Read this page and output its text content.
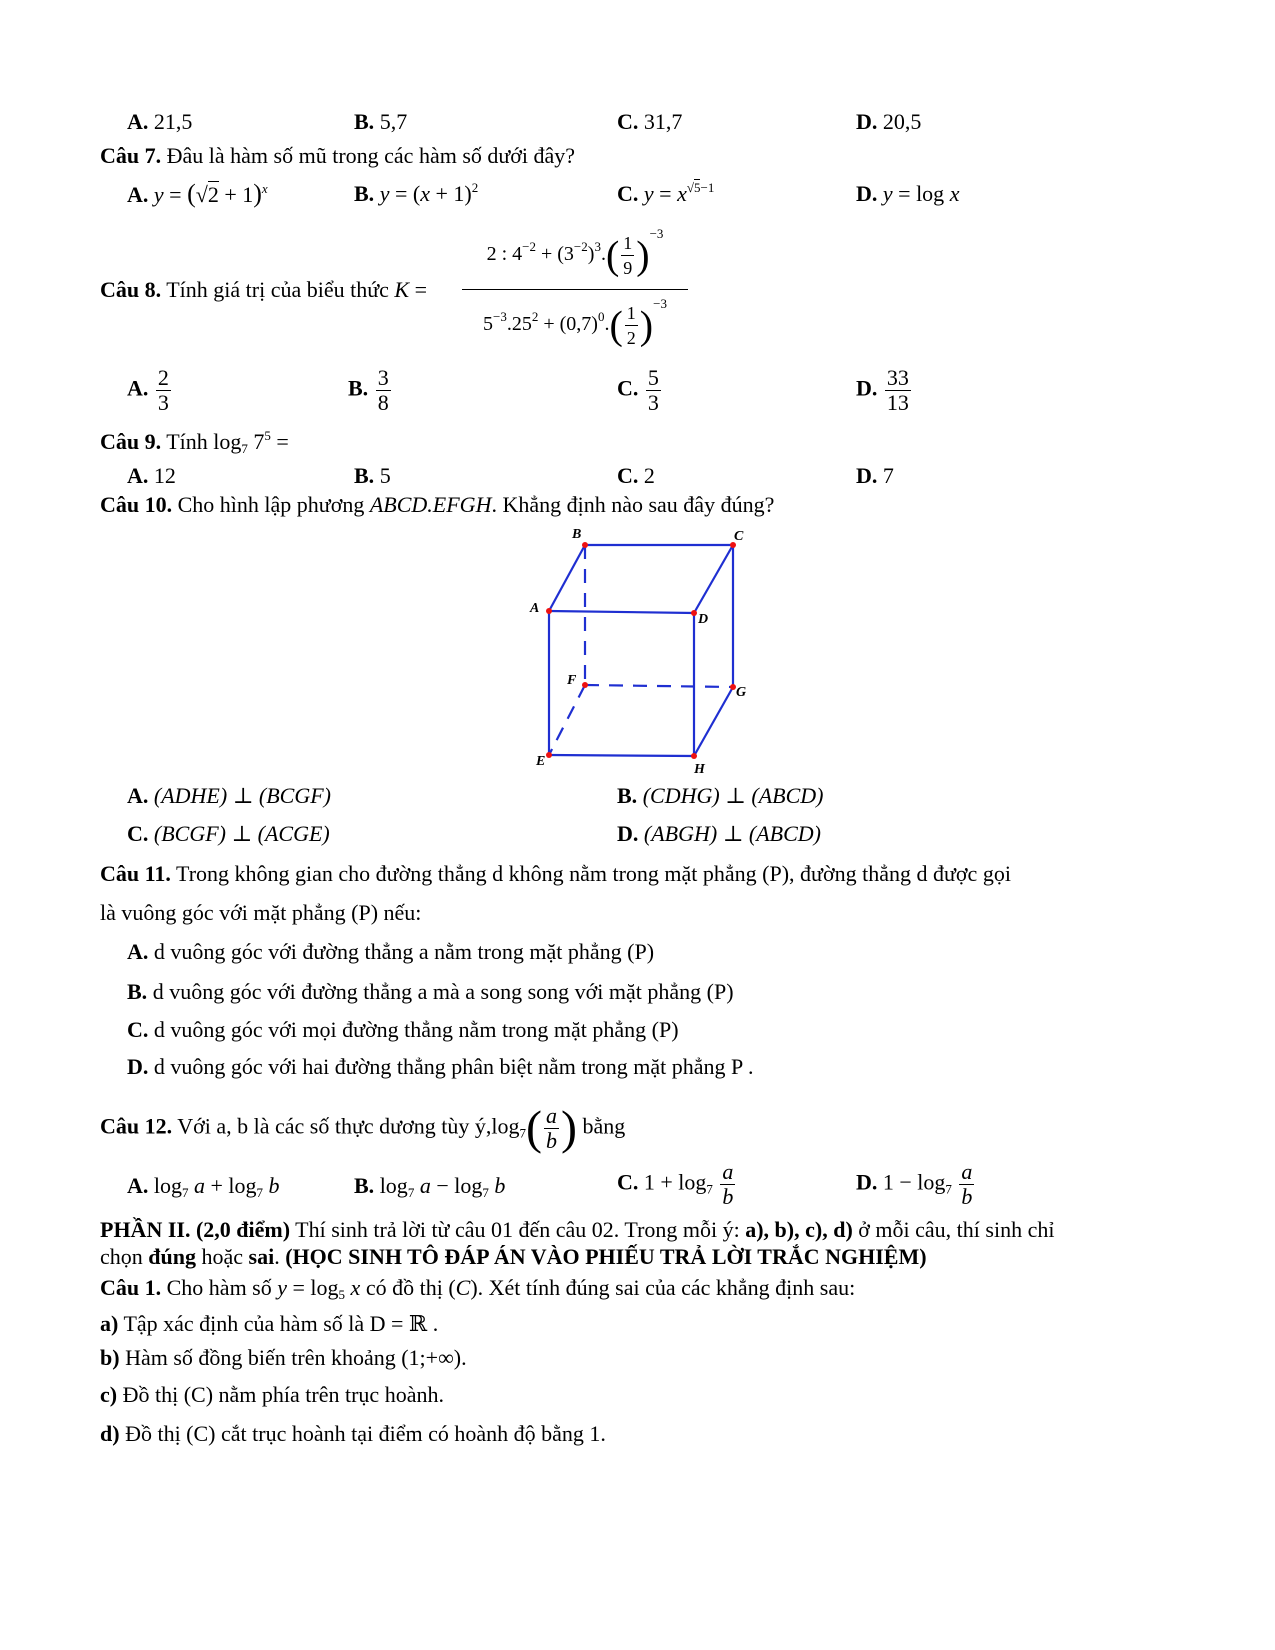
A. 21,5	B. 5,7	C. 31,7	D. 20,5
Câu 7. Đâu là hàm số mũ trong các hàm số dưới đây?
A. $y = (√2 + 1)^x$	B. $y = (x + 1)^2$	C. $y = x^{√5-1}$	D. y = log x
Câu 8. Tính giá trị của biểu thức K =
2 : $4^{-2} + (3^{-2})^3.( \frac{1}{9} )^{-3}$
$5^{-3}.25^2 + (0,7)^0.( \frac{1}{2} )^{-3}$
A. $\frac{2}{3}$	B. $\frac{3}{8}$	C. $\frac{5}{3}$	D. $\frac{33}{13}$
Câu 9. Tính $\log_7 7^5$ =
A. 12	B. 5	C. 2	D. 7
Câu 10. Cho hình lập phương ABCD.EFGH. Khẳng định nào sau đây đúng?
B	C
A
D
F
G
E
H
A. (ADHE) ⊥ (BCGF)	B. (CDHG) ⊥ (ABCD)
C. (BCGF) ⊥ (ACGE)	D. (ABGH) ⊥ (ABCD)
Câu 11. Trong không gian cho đường thẳng d không nằm trong mặt phẳng (P), đường thẳng d được gọi
là vuông góc với mặt phẳng (P) nếu:
A. d vuông góc với đường thẳng a nằm trong mặt phẳng (P)
B. d vuông góc với đường thẳng a mà a song song với mặt phẳng (P)
C. d vuông góc với mọi đường thẳng nằm trong mặt phẳng (P)
D. d vuông góc với hai đường thẳng phân biệt nằm trong mặt phẳng P .
Câu 12. Với a, b là các số thực dương tùy $ý,\log_7( \frac{a}{b}$ ) bằng
A. $\log_7 a + \log_7 b$	B. $\log_7 a - \log_7 b$	C. $1 + \log_7 \frac{a}{b}$	D. $1 - \log_7 \frac{a}{b}$
PHẦN II. (2,0 điểm) Thí sinh trả lời từ câu 01 đến câu 02. Trong mỗi ý: a), b), c), d) ở mỗi câu, thí sinh chỉ
chọn đúng hoặc sai. (HỌC SINH TÔ ĐÁP ÁN VÀO PHIẾU TRẢ LỜI TRẮC NGHIỆM)
Câu 1. Cho hàm số $y = \log_5 x$ có đồ thị (C). Xét tính đúng sai của các khẳng định sau:
a) Tập xác định của hàm số là D = ℝ .
b) Hàm số đồng biến trên khoảng (1;+∞).
c) Đồ thị (C) nằm phía trên trục hoành.
d) Đồ thị (C) cắt trục hoành tại điểm có hoành độ bằng 1.
